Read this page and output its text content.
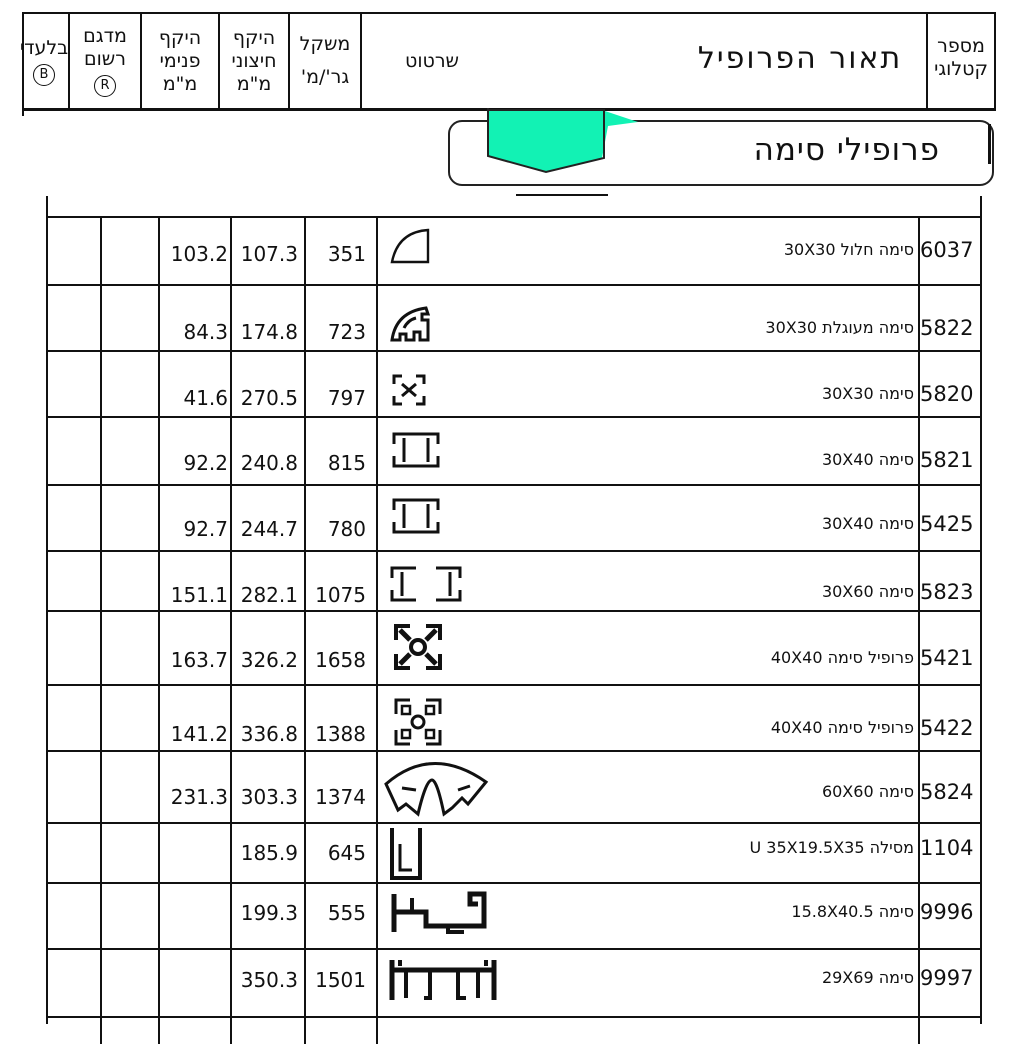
בלעדי
B
מדגם
רשום
R
היקף
פנימי
מ"מ
היקף
חיצוני
מ"מ
משקל
גר'/מ'
שרטוט	תאור הפרופיל מספר
קטלוגי
פרופילי סימה
6037
סימה חלול 30X30
351
107.3
103.2
5822
סימה מעוגלת 30X30
723
174.8
84.3
5820
סימה 30X30
797
270.5
41.6
5821
סימה 30X40
815
240.8
92.2
5425
סימה 30X40
780
244.7
92.7
5823
סימה 30X60
1075
282.1
151.1
5421
פרופיל סימה 40X40
1658
326.2
163.7
5422
פרופיל סימה 40X40
1388
336.8
141.2
5824
סימה 60X60
1374
303.3
231.3
1104
מסילה U 35X19.5X35
645
185.9
9996
סימה 15.8X40.5
555
199.3
9997
סימה 29X69
1501
350.3
